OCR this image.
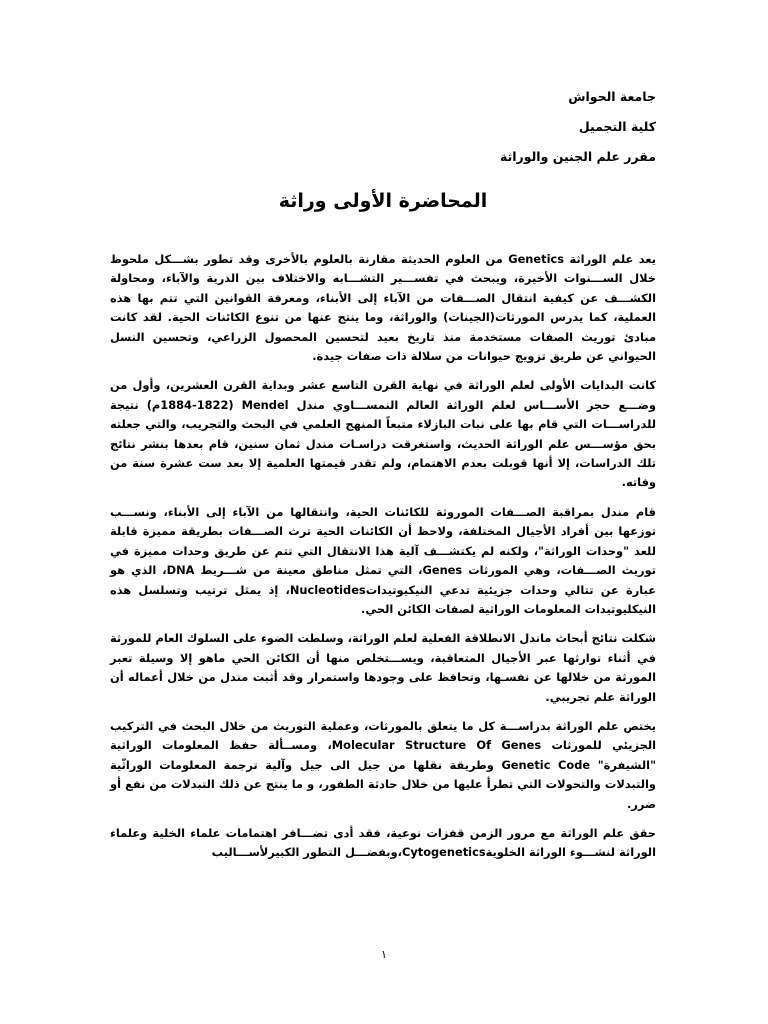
جامعة الحواش

كلية التجميل

مقرر علم الجنين والوراثة

المحاضرة الأولى وراثة

يعد علم الوراثة Genetics من العلوم الحديثة مقارنة بالعلوم بالأخرى وقد تطور بشـــكل ملحوظ خلال الســـنوات الأخيرة، ويبحث في تفســـير التشـــابه والاختلاف بين الذرية والآباء، ومحاولة الكشـــف عن كيفية انتقال الصـــفات من الآباء إلى الأبناء، ومعرفة القوانين التي تتم بها هذه العملية، كما يدرس المورثات(الجينات) والوراثة، وما ينتج عنها من تنوع الكائنات الحية. لقد كانت مبادئ توريث الصفات مستخدمة منذ تاريخ بعيد لتحسين المحصول الزراعي، وتحسين النسل الحيواني عن طريق تزويج حيوانات من سلالة ذات صفات جيدة.

كانت البدايات الأولى لعلم الوراثة في نهاية القرن التاسع عشر وبداية القرن العشرين، وأول من وضـــع حجر الأســـاس لعلم الوراثة العالم النمســـاوي مندل Mendel (1884-1822م) نتيجة للدراســـات التي قام بها على نبات البازلاء متبعاً المنهج العلمي في البحث والتجريب، والتي جعلته بحق مؤســـس علم الوراثة الحديث، واستغرقت دراسـات مندل ثمان سنين، قام بعدها بنشر نتائج تلك الدراسات، إلا أنها قوبلت بعدم الاهتمام، ولم تقدر قيمتها العلمية إلا بعد ست عشرة سنة من وفاته.

قام مندل بمراقبة الصـــفات الموروثة للكائنات الحية، وانتقالها من الآباء إلى الأبناء، ونســـب توزعها بين أفراد الأجيال المختلفة، ولاحظ أن الكائنات الحية ترث الصـــفات بطريقة مميزة قابلة للعد "وحدات الوراثة"، ولكنه لم يكتشـــف آلية هذا الانتقال التي تتم عن طريق وحدات مميزة في توريث الصـــفات، وهي المورثات Genes، التي تمثل مناطق معينة من شـــريط DNA، الذي هو عبارة عن تتالي وحدات جزيئية تدعي النيكيوتيداتNucleotides، إذ يمثل ترتيب وتسلسل هذه النيكليوتيدات المعلومات الوراثية لصفات الكائن الحي.

شكلت نتائج أبحاث ماندل الانطلاقة الفعلية لعلم الوراثة، وسلطت الضوء على السلوك العام للمورثة في أثناء توارثها عبر الأجيال المتعاقبة، ويســـتخلص منها أن الكائن الحي ماهو إلا وسيلة تعبر المورثة من خلالها عن نفسـها، وتحافظ على وجودها واستمرار وقد أثبت مندل من خلال أعماله أن الوراثة علم تجريبي.

يختص علم الوراثة بدراســـة كل ما يتعلق بالمورثات، وعملية التوريث من خلال البحث في التركيب الجزيئي للمورثات Molecular Structure Of Genes، ومســألة حفظ المعلومات الوراثية "الشيفرة" Genetic Code وطريقة نقلها من جيل الى جيل وآلية ترجمة المعلومات الوراثّية والتبدلات والتحولات التي تطرأ عليها من خلال حادثة الطفور، و ما ينتج عن ذلك التبدلات من نفع أو ضرر.

حقق علم الوراثة مع مرور الزمن قفزات نوعية، فقد أدى تضـــافر اهتمامات علماء الخلية وعلماء الوراثة لنشـــوء الوراثة الخلويةCytogenetics،وبفضـــل التطور الكبيرلأســـاليب

١
